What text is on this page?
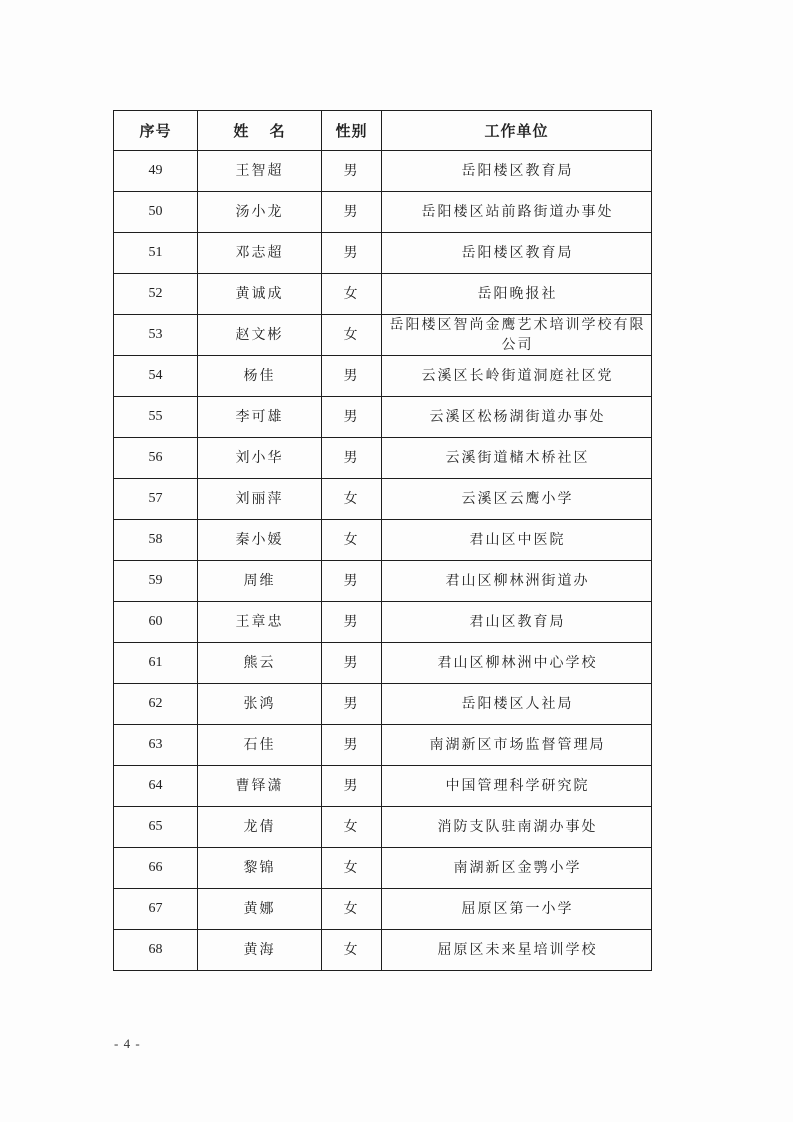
序号	姓 名	性别	工作单位
49	王智超	男	岳阳楼区教育局
50	汤小龙	男	岳阳楼区站前路街道办事处
51	邓志超	男	岳阳楼区教育局
52	黄诚成	女	岳阳晚报社
53	赵文彬	女	岳阳楼区智尚金鹰艺术培训学校有限公司
54	杨佳	男	云溪区长岭街道洞庭社区党
55	李可雄	男	云溪区松杨湖街道办事处
56	刘小华	男	云溪街道槠木桥社区
57	刘丽萍	女	云溪区云鹰小学
58	秦小媛	女	君山区中医院
59	周维	男	君山区柳林洲街道办
60	王章忠	男	君山区教育局
61	熊云	男	君山区柳林洲中心学校
62	张鸿	男	岳阳楼区人社局
63	石佳	男	南湖新区市场监督管理局
64	曹铎潇	男	中国管理科学研究院
65	龙倩	女	消防支队驻南湖办事处
66	黎锦	女	南湖新区金鹗小学
67	黄娜	女	屈原区第一小学
68	黄海	女	屈原区未来星培训学校
- 4 -
